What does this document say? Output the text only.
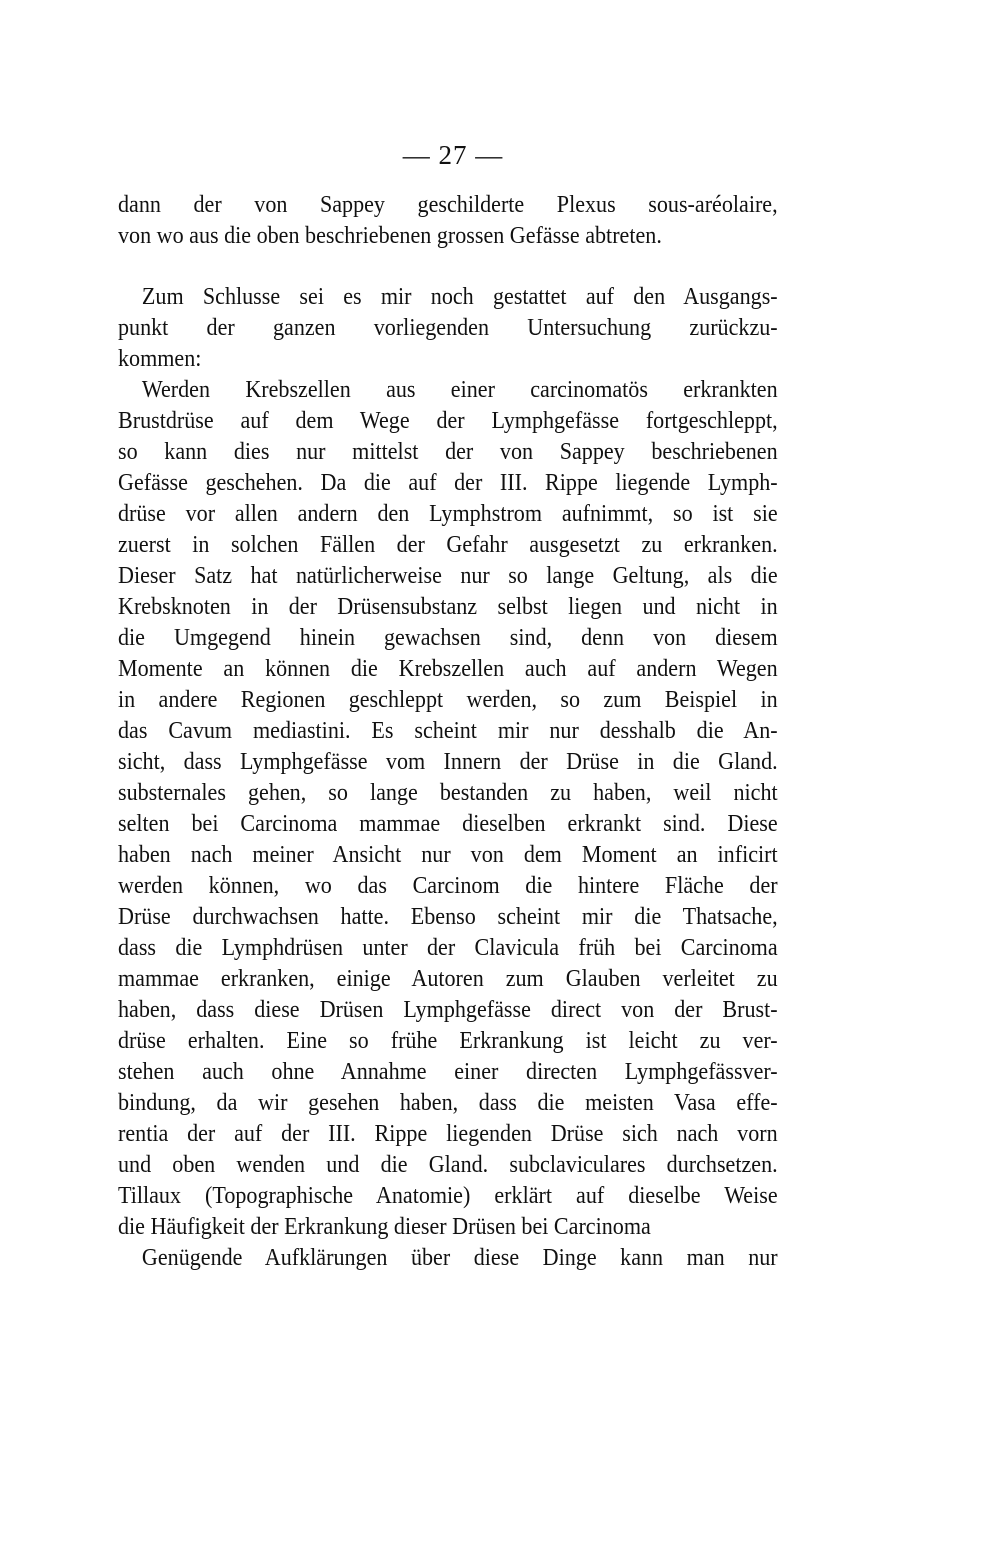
— 27 —
dann der von Sappey geschilderte Plexus sous-aréolaire,
von wo aus die oben beschriebenen grossen Gefässe abtreten.
Zum Schlusse sei es mir noch gestattet auf den Ausgangs-
punkt der ganzen vorliegenden Untersuchung zurückzu-
kommen:
Werden Krebszellen aus einer carcinomatös erkrankten
Brustdrüse auf dem Wege der Lymphgefässe fortgeschleppt,
so kann dies nur mittelst der von Sappey beschriebenen
Gefässe geschehen. Da die auf der III. Rippe liegende Lymph-
drüse vor allen andern den Lymphstrom aufnimmt, so ist sie
zuerst in solchen Fällen der Gefahr ausgesetzt zu erkranken.
Dieser Satz hat natürlicherweise nur so lange Geltung, als die
Krebsknoten in der Drüsensubstanz selbst liegen und nicht in
die Umgegend hinein gewachsen sind, denn von diesem
Momente an können die Krebszellen auch auf andern Wegen
in andere Regionen geschleppt werden, so zum Beispiel in
das Cavum mediastini. Es scheint mir nur desshalb die An-
sicht, dass Lymphgefässe vom Innern der Drüse in die Gland.
substernales gehen, so lange bestanden zu haben, weil nicht
selten bei Carcinoma mammae dieselben erkrankt sind. Diese
haben nach meiner Ansicht nur von dem Moment an inficirt
werden können, wo das Carcinom die hintere Fläche der
Drüse durchwachsen hatte. Ebenso scheint mir die Thatsache,
dass die Lymphdrüsen unter der Clavicula früh bei Carcinoma
mammae erkranken, einige Autoren zum Glauben verleitet zu
haben, dass diese Drüsen Lymphgefässe direct von der Brust-
drüse erhalten. Eine so frühe Erkrankung ist leicht zu ver-
stehen auch ohne Annahme einer directen Lymphgefässver-
bindung, da wir gesehen haben, dass die meisten Vasa effe-
rentia der auf der III. Rippe liegenden Drüse sich nach vorn
und oben wenden und die Gland. subclaviculares durchsetzen.
Tillaux (Topographische Anatomie) erklärt auf dieselbe Weise
die Häufigkeit der Erkrankung dieser Drüsen bei Carcinoma
Genügende Aufklärungen über diese Dinge kann man nur
